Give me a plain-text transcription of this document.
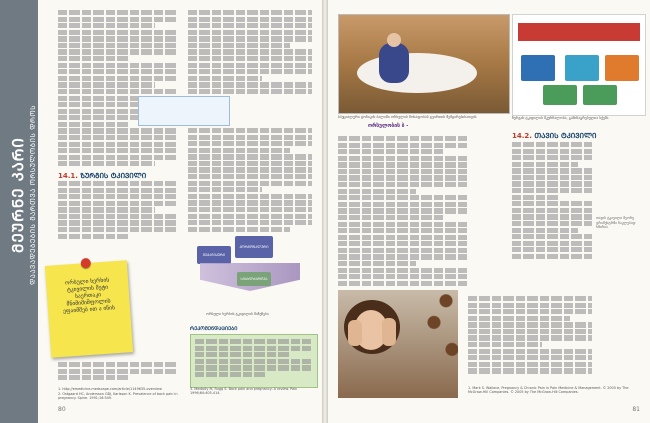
ᲛᲔᲣᲠᲜᲔ ᲙᲐᲠᲘ ᲓᲐᲐᲕᲐᲓᲔᲑᲔᲑᲘᲡ ᲛᲐᲠᲗᲕᲐ ᲝᲠᲡᲣᲚᲝᲑᲘᲡ ᲓᲠᲝᲡ	14.1. ᲖᲣᲠᲒᲘᲡ ᲢᲙᲘᲕᲘᲚᲘ
ორსული ხერხის ტკივილის მეტი საერთაკი მნიმიმიშფოლის ეფაიმმებ ით ა ინის
ᲛᲔᲥᲐᲜᲘᲙᲣᲠᲘ
ᲰᲝᲠᲛᲝᲜᲐᲚᲣᲠᲘ
ᲡᲘᲡᲮᲚᲫᲐᲠᲦᲕᲐ
ორსული ხერხის ტკივილის მიზეზები
ᲠᲔᲙᲝᲛᲔᲜᲓᲐᲪᲘᲔᲑᲘ
1. http://emedicine.medscape.com/article/1149635-overview
2. Ostgaard HC, Andersson GBJ, Karlsson K. Prevalence of back pain in pregnancy. Spine. 1991;16:549.
3. Mediolly M, Rugg S. Back pain and pregnancy: A review. Pain 1996;64:405-414.
80
სპეციალური ტონიკის ბალიში ორსულის მოსაფობას ტვირთის შემცირებისათვის	ზურგის ტკივილის მკურნალობა, გაშინაგრებულია სქემა
ორსულობის ბ -
14.2. ᲗᲐᲕᲘᲡ ᲢᲙᲘᲕᲘᲚᲘ
თავის ტკივილი მეორე ტრიმესტრში ნაკლებად ხშირია
1. Mark S. Wallace, Pregnancy & Chronic Pain in Pain Medicine & Management. © 2005 by The McGraw-Hill Companies. © 2005 by The McGraw-Hill Companies.
81
